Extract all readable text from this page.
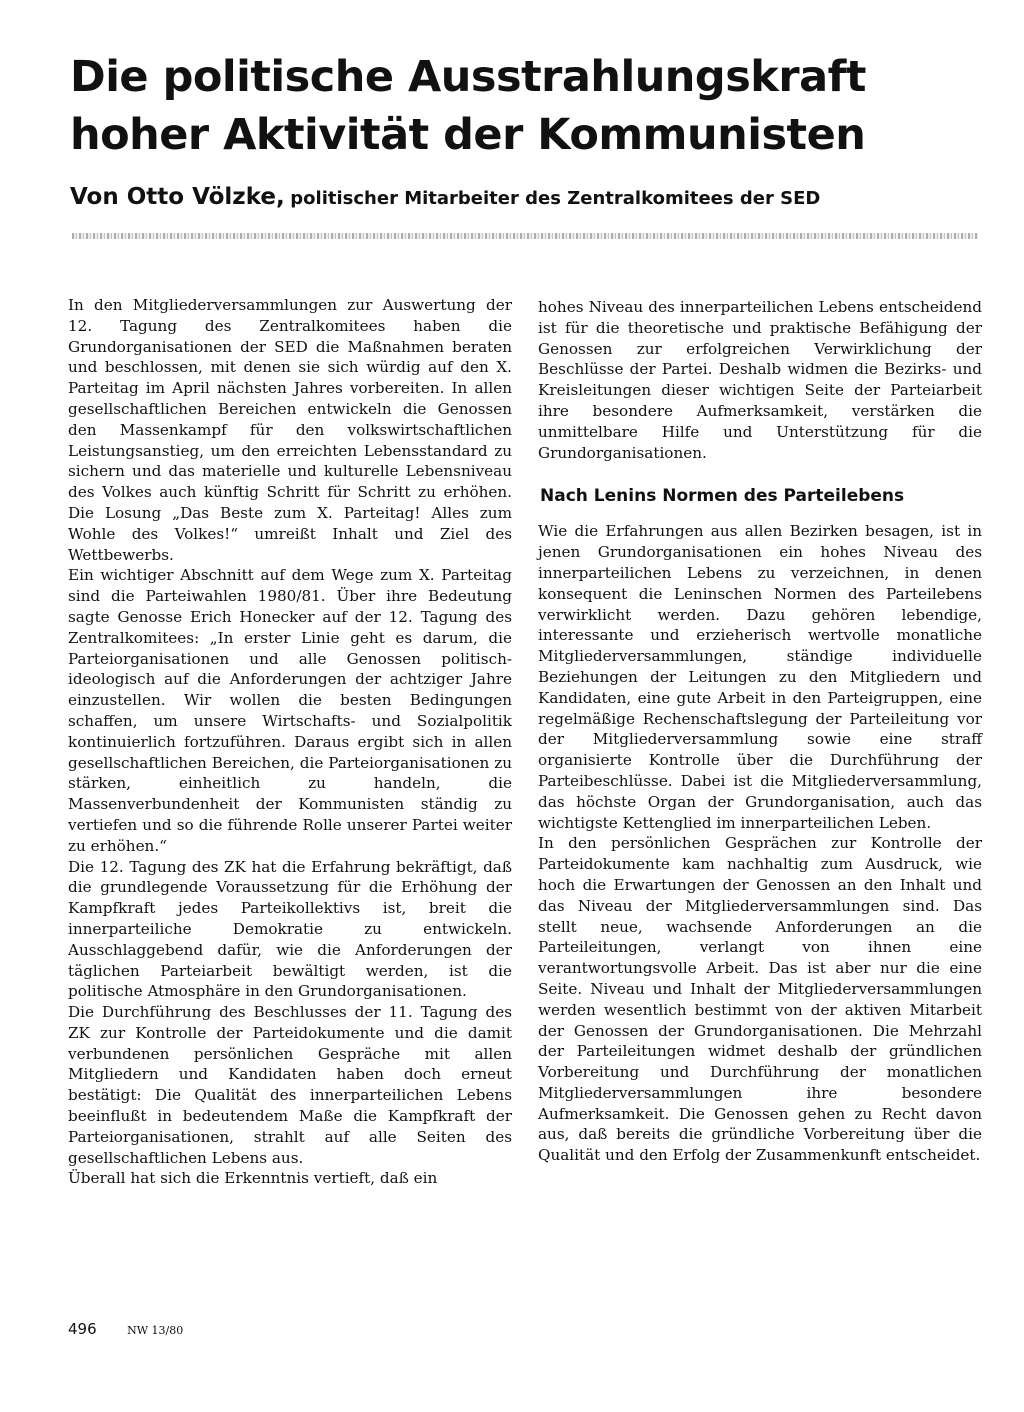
Die politische Ausstrahlungskraft
hoher Aktivität der Kommunisten
Von Otto Völzke, politischer Mitarbeiter des Zentralkomitees der SED

In den Mitgliederversammlungen zur Auswertung der 12. Tagung des Zentralkomitees haben die Grundorganisationen der SED die Maßnahmen beraten und beschlossen, mit denen sie sich würdig auf den X. Parteitag im April nächsten Jahres vorbereiten. In allen gesellschaftlichen Bereichen entwickeln die Genossen den Massenkampf für den volkswirtschaftlichen Leistungsanstieg, um den erreichten Lebensstandard zu sichern und das materielle und kulturelle Lebensniveau des Volkes auch künftig Schritt für Schritt zu erhöhen. Die Losung „Das Beste zum X. Parteitag! Alles zum Wohle des Volkes!“ umreißt Inhalt und Ziel des Wettbewerbs.

Ein wichtiger Abschnitt auf dem Wege zum X. Parteitag sind die Parteiwahlen 1980/81. Über ihre Bedeutung sagte Genosse Erich Honecker auf der 12. Tagung des Zentralkomitees: „In erster Linie geht es darum, die Parteiorganisationen und alle Genossen politisch-ideologisch auf die Anforderungen der achtziger Jahre einzustellen. Wir wollen die besten Bedingungen schaffen, um unsere Wirtschafts- und Sozialpolitik kontinuierlich fortzuführen. Daraus ergibt sich in allen gesellschaftlichen Bereichen, die Parteiorganisationen zu stärken, einheitlich zu handeln, die Massenverbundenheit der Kommunisten ständig zu vertiefen und so die führende Rolle unserer Partei weiter zu erhöhen.“

Die 12. Tagung des ZK hat die Erfahrung bekräftigt, daß die grundlegende Voraussetzung für die Erhöhung der Kampfkraft jedes Parteikollektivs ist, breit die innerparteiliche Demokratie zu entwickeln. Ausschlaggebend dafür, wie die Anforderungen der täglichen Parteiarbeit bewältigt werden, ist die politische Atmosphäre in den Grundorganisationen.

Die Durchführung des Beschlusses der 11. Tagung des ZK zur Kontrolle der Parteidokumente und die damit verbundenen persönlichen Gespräche mit allen Mitgliedern und Kandidaten haben doch erneut bestätigt: Die Qualität des innerparteilichen Lebens beeinflußt in bedeutendem Maße die Kampfkraft der Parteiorganisationen, strahlt auf alle Seiten des gesellschaftlichen Lebens aus.

Überall hat sich die Erkenntnis vertieft, daß ein

hohes Niveau des innerparteilichen Lebens entscheidend ist für die theoretische und praktische Befähigung der Genossen zur erfolgreichen Verwirklichung der Beschlüsse der Partei. Deshalb widmen die Bezirks- und Kreisleitungen dieser wichtigen Seite der Parteiarbeit ihre besondere Aufmerksamkeit, verstärken die unmittelbare Hilfe und Unterstützung für die Grundorganisationen.

Nach Lenins Normen des Parteilebens

Wie die Erfahrungen aus allen Bezirken besagen, ist in jenen Grundorganisationen ein hohes Niveau des innerparteilichen Lebens zu verzeichnen, in denen konsequent die Leninschen Normen des Parteilebens verwirklicht werden. Dazu gehören lebendige, interessante und erzieherisch wertvolle monatliche Mitgliederversammlungen, ständige individuelle Beziehungen der Leitungen zu den Mitgliedern und Kandidaten, eine gute Arbeit in den Parteigruppen, eine regelmäßige Rechenschaftslegung der Parteileitung vor der Mitgliederversammlung sowie eine straff organisierte Kontrolle über die Durchführung der Parteibeschlüsse. Dabei ist die Mitgliederversammlung, das höchste Organ der Grundorganisation, auch das wichtigste Kettenglied im innerparteilichen Leben.

In den persönlichen Gesprächen zur Kontrolle der Parteidokumente kam nachhaltig zum Ausdruck, wie hoch die Erwartungen der Genossen an den Inhalt und das Niveau der Mitgliederversammlungen sind. Das stellt neue, wachsende Anforderungen an die Parteileitungen, verlangt von ihnen eine verantwortungsvolle Arbeit. Das ist aber nur die eine Seite. Niveau und Inhalt der Mitgliederversammlungen werden wesentlich bestimmt von der aktiven Mitarbeit der Genossen der Grundorganisationen. Die Mehrzahl der Parteileitungen widmet deshalb der gründlichen Vorbereitung und Durchführung der monatlichen Mitgliederversammlungen ihre besondere Aufmerksamkeit. Die Genossen gehen zu Recht davon aus, daß bereits die gründliche Vorbereitung über die Qualität und den Erfolg der Zusammenkunft entscheidet.

496	NW 13/80
